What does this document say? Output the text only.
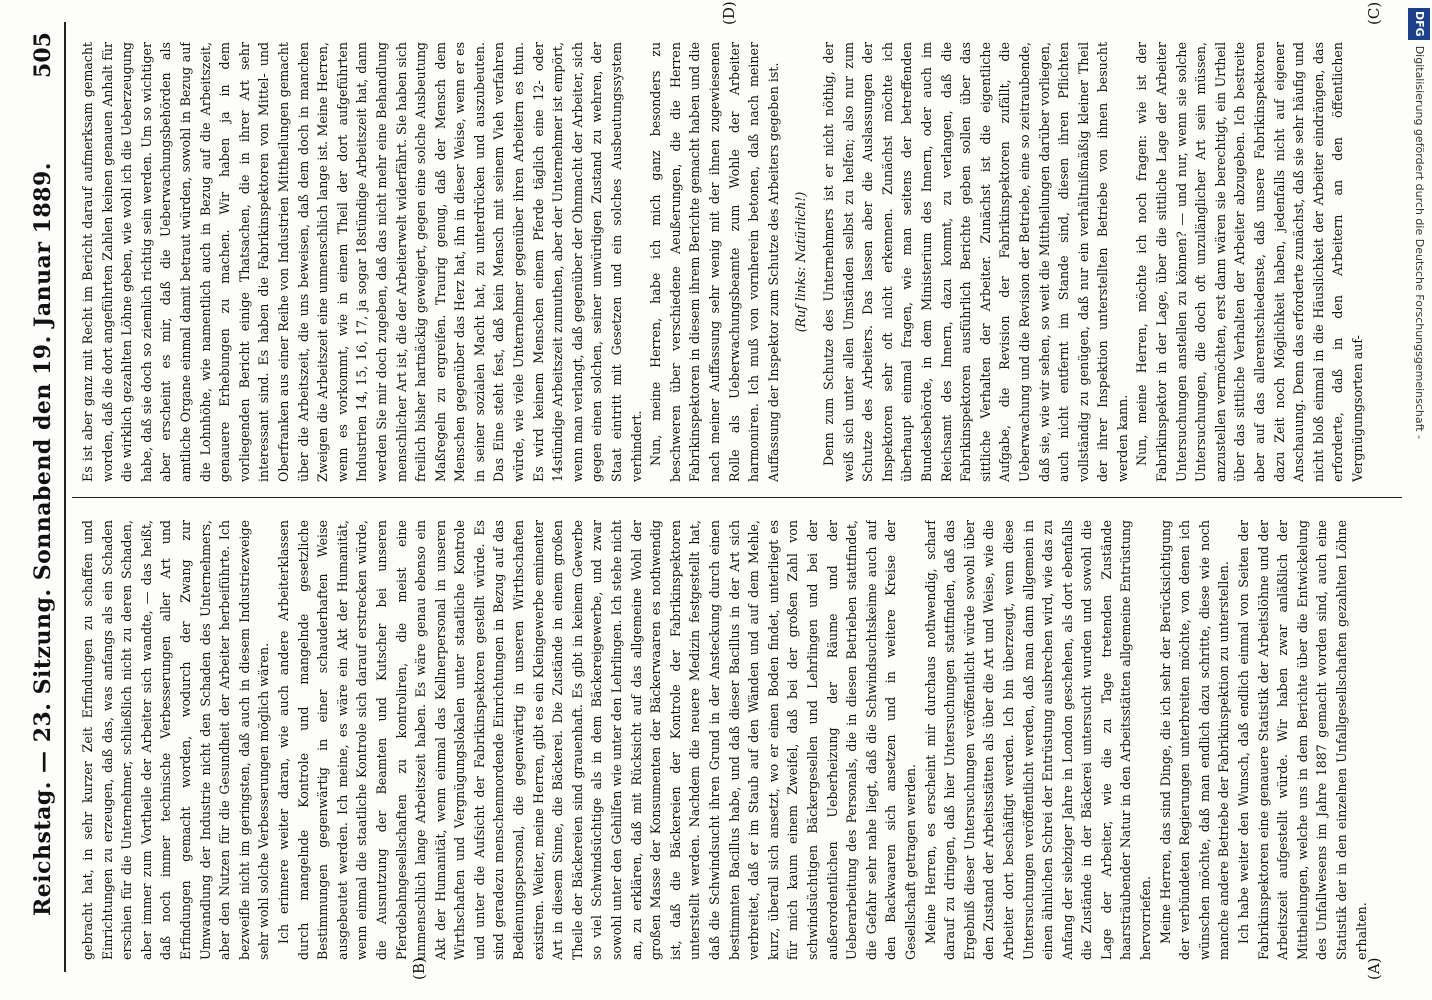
Reichstag. — 23. Sitzung. Sonnabend den 19. Januar 1889.
505

gebracht hat, in sehr kurzer Zeit Erfindungen zu schaffen und Einrichtungen zu erzeugen, daß das, was anfangs als ein Schaden erschien für die Unternehmer, schließlich nicht zu deren Schaden, aber immer zum Vortheile der Arbeiter sich wandte, — das heißt, daß noch immer technische Verbesserungen aller Art und Erfindungen gemacht worden, wodurch der Zwang zur Umwandlung der Industrie nicht den Schaden des Unternehmers, aber den Nutzen für die Gesundheit der Arbeiter herbeiführte. Ich bezweifle nicht im geringsten, daß auch in diesem Industriezweige sehr wohl solche Verbesserungen möglich wären. Ich erinnere weiter daran, wie auch andere Arbeiterklassen durch mangelnde Kontrole und mangelnde gesetzliche Bestimmungen gegenwärtig in einer schauderhaften Weise ausgebeutet werden. Ich meine, es wäre ein Akt der Humanität, wenn einmal die staatliche Kontrole sich darauf erstrecken würde, die Ausnutzung der Beamten und Kutscher bei unseren Pferdebahngesellschaften zu kontroliren, die meist eine unmenschlich lange Arbeitszeit haben. Es wäre genau ebenso ein Akt der Humanität, wenn einmal das Kellnerpersonal in unseren Wirthschaften und Vergnügungslokalen unter staatliche Kontrole und unter die Aufsicht der Fabrikinspektoren gestellt würde. Es sind geradezu menschenmordende Einrichtungen in Bezug auf das Bedienungspersonal, die gegenwärtig in unseren Wirthschaften existiren. Weiter, meine Herren, gibt es ein Kleingewerbe eminenter Art in diesem Sinne, die Bäckerei. Die Zustände in einem großen Theile der Bäckereien sind grauenhaft. Es gibt in keinem Gewerbe so viel Schwindsüchtige als in dem Bäckereigewerbe, und zwar sowohl unter den Gehilfen wie unter den Lehrlingen. Ich stehe nicht an, zu erklären, daß mit Rücksicht auf das allgemeine Wohl der großen Masse der Konsumenten der Bäckerwaaren es nothwendig ist, daß die Bäckereien der Kontrole der Fabrikinspektoren unterstellt werden. Nachdem die neuere Medizin festgestellt hat, daß die Schwindsucht ihren Grund in der Ansteckung durch einen bestimmten Bacillus habe, und daß dieser Bacillus in der Art sich verbreitet, daß er im Staub auf den Wänden und auf dem Mehle, kurz, überall sich ansetzt, wo er einen Boden findet, unterliegt es für mich kaum einem Zweifel, daß bei der großen Zahl von schwindsüchtigen Bäckergesellen und Lehrlingen und bei der außerordentlichen Ueberheizung der Räume und der Ueberarbeitung des Personals, die in diesen Betrieben stattfindet, die Gefahr sehr nahe liegt, daß die Schwindsuchtskeime auch auf den Backwaaren sich ansetzen und in weitere Kreise der Gesellschaft getragen werden. Meine Herren, es erscheint mir durchaus nothwendig, scharf darauf zu dringen, daß hier Untersuchungen stattfinden, daß das Ergebniß dieser Untersuchungen veröffentlicht würde sowohl über den Zustand der Arbeitsstätten als über die Art und Weise, wie die Arbeiter dort beschäftigt werden. Ich bin überzeugt, wenn diese Untersuchungen veröffentlicht werden, daß man dann allgemein in einen ähnlichen Schrei der Entrüstung ausbrechen wird, wie das zu Anfang der siebziger Jahre in London geschehen, als dort ebenfalls die Zustände in der Bäckerei untersucht wurden und sowohl die Lage der Arbeiter, wie die zu Tage tretenden Zustände haarsträubender Natur in den Arbeitsstätten allgemeine Entrüstung hervorriefen. Meine Herren, das sind Dinge, die ich sehr der Berücksichtigung der verbündeten Regierungen unterbreiten möchte, von denen ich wünschen möchte, daß man endlich dazu schritte, diese wie noch manche andere Betriebe der Fabrikinspektion zu unterstellen. Ich habe weiter den Wunsch, daß endlich einmal von Seiten der Fabrikinspektoren eine genauere Statistik der Arbeitslöhne und der Arbeitszeit aufgestellt würde. Wir haben zwar anläßlich der Mittheilungen, welche uns in dem Berichte über die Entwickelung des Unfallwesens im Jahre 1887 gemacht worden sind, auch eine Statistik der in den einzelnen Unfallgesellschaften gezahlten Löhne erhalten.

Es ist aber ganz mit Recht im Bericht darauf aufmerksam gemacht worden, daß die dort angeführten Zahlen keinen genauen Anhalt für die wirklich gezahlten Löhne geben, wie wohl ich die Ueberzeugung habe, daß sie doch so ziemlich richtig sein werden. Um so wichtiger aber erscheint es mir, daß die Ueberwachungsbehörden als amtliche Organe einmal damit betraut würden, sowohl in Bezug auf die Lohnhöhe, wie namentlich auch in Bezug auf die Arbeitszeit, genauere Erhebungen zu machen. Wir haben ja in dem vorliegenden Bericht einige Thatsachen, die in ihrer Art sehr interessant sind. Es haben die Fabrikinspektoren von Mittel- und Oberfranken aus einer Reihe von Industrien Mittheilungen gemacht über die Arbeitszeit, die uns beweisen, daß dem doch in manchen Zweigen die Arbeitszeit eine unmenschlich lange ist. Meine Herren, wenn es vorkommt, wie in einem Theil der dort aufgeführten Industrien 14, 15, 16, 17, ja sogar 18stündige Arbeitszeit hat, dann werden Sie mir doch zugeben, daß das nicht mehr eine Behandlung menschlicher Art ist, die der Arbeiterwelt widerfährt. Sie haben sich freilich bisher hartnäckig geweigert, gegen eine solche Ausbeutung Maßregeln zu ergreifen. Traurig genug, daß der Mensch dem Menschen gegenüber das Herz hat, ihn in dieser Weise, wenn er es in seiner sozialen Macht hat, zu unterdrücken und auszubeuten. Das Eine steht fest, daß kein Mensch mit seinem Vieh verfahren würde, wie viele Unternehmer gegenüber ihren Arbeitern es thun. Es wird keinem Menschen einem Pferde täglich eine 12- oder 14stündige Arbeitszeit zumuthen, aber der Unternehmer ist empört, wenn man verlangt, daß gegenüber der Ohnmacht der Arbeiter, sich gegen einen solchen, seiner unwürdigen Zustand zu wehren, der Staat eintritt mit Gesetzen und ein solches Ausbeutungssystem verhindert. Nun, meine Herren, habe ich mich ganz besonders zu beschweren über verschiedene Aeußerungen, die die Herren Fabrikinspektoren in diesem ihrem Berichte gemacht haben und die nach meiner Auffassung sehr wenig mit der ihnen zugewiesenen Rolle als Ueberwachungsbeamte zum Wohle der Arbeiter harmoniren. Ich muß von vornherein betonen, daß nach meiner Auffassung der Inspektor zum Schutze des Arbeiters gegeben ist. (Ruf links: Natürlich!) Denn zum Schutze des Unternehmers ist er nicht nöthig, der weiß sich unter allen Umständen selbst zu helfen; also nur zum Schutze des Arbeiters. Das lassen aber die Auslassungen der Inspektoren sehr oft nicht erkennen. Zunächst möchte ich überhaupt einmal fragen, wie man seitens der betreffenden Bundesbehörde, in dem Ministerium des Innern, oder auch im Reichsamt des Innern, dazu kommt, zu verlangen, daß die Fabrikinspektoren ausführlich Berichte geben sollen über das sittliche Verhalten der Arbeiter. Zunächst ist die eigentliche Aufgabe, die Revision der Fabrikinspektoren zufällt, die Ueberwachung und die Revision der Betriebe, eine so zeitraubende, daß sie, wie wir sehen, so weit die Mittheilungen darüber vorliegen, auch nicht entfernt im Stande sind, diesen ihren Pflichten vollständig zu genügen, daß nur ein verhältnißmäßig kleiner Theil der ihrer Inspektion unterstellten Betriebe von ihnen besucht werden kann. Nun, meine Herren, möchte ich noch fragen: wie ist der Fabrikinspektor in der Lage, über die sittliche Lage der Arbeiter Untersuchungen anstellen zu können? — und nur, wenn sie solche Untersuchungen, die doch oft unzulänglicher Art sein müssen, anzustellen vermöchten, erst dann wären sie berechtigt, ein Urtheil über das sittliche Verhalten der Arbeiter abzugeben. Ich bestreite aber auf das allerentschiedenste, daß unsere Fabrikinspektoren dazu Zeit noch Möglichkeit haben, jedenfalls nicht auf eigener Anschauung. Denn das erforderte zunächst, daß sie sehr häufig und nicht bloß einmal in die Häuslichkeit der Arbeiter eindrängen, das erforderte, daß in den Arbeitern an den öffentlichen Vergnügungsorten auf-

(A)
(B)
(C)
(D)	DFGDigitalisierung gefördert durch die Deutsche Forschungsgemeinschaft -
